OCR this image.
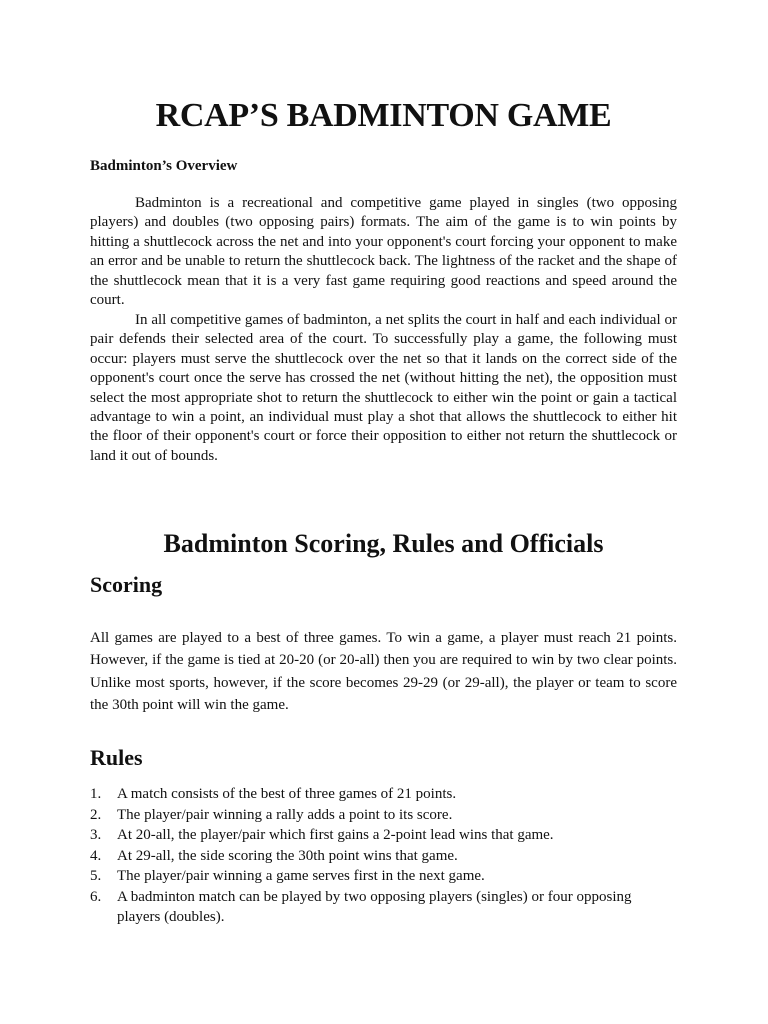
RCAP’S BADMINTON GAME
Badminton’s Overview

Badminton is a recreational and competitive game played in singles (two opposing players) and doubles (two opposing pairs) formats. The aim of the game is to win points by hitting a shuttlecock across the net and into your opponent's court forcing your opponent to make an error and be unable to return the shuttlecock back. The lightness of the racket and the shape of the shuttlecock mean that it is a very fast game requiring good reactions and speed around the court.

In all competitive games of badminton, a net splits the court in half and each individual or pair defends their selected area of the court. To successfully play a game, the following must occur: players must serve the shuttlecock over the net so that it lands on the correct side of the opponent's court once the serve has crossed the net (without hitting the net), the opposition must select the most appropriate shot to return the shuttlecock to either win the point or gain a tactical advantage to win a point, an individual must play a shot that allows the shuttlecock to either hit the floor of their opponent's court or force their opposition to either not return the shuttlecock or land it out of bounds.

Badminton Scoring, Rules and Officials
Scoring

All games are played to a best of three games. To win a game, a player must reach 21 points. However, if the game is tied at 20-20 (or 20-all) then you are required to win by two clear points. Unlike most sports, however, if the score becomes 29-29 (or 29-all), the player or team to score the 30th point will win the game.

Rules
1.	A match consists of the best of three games of 21 points.
2.	The player/pair winning a rally adds a point to its score.
3.	At 20-all, the player/pair which first gains a 2-point lead wins that game.
4.	At 29-all, the side scoring the 30th point wins that game.
5.	The player/pair winning a game serves first in the next game.
6.	A badminton match can be played by two opposing players (singles) or four opposing players (doubles).
